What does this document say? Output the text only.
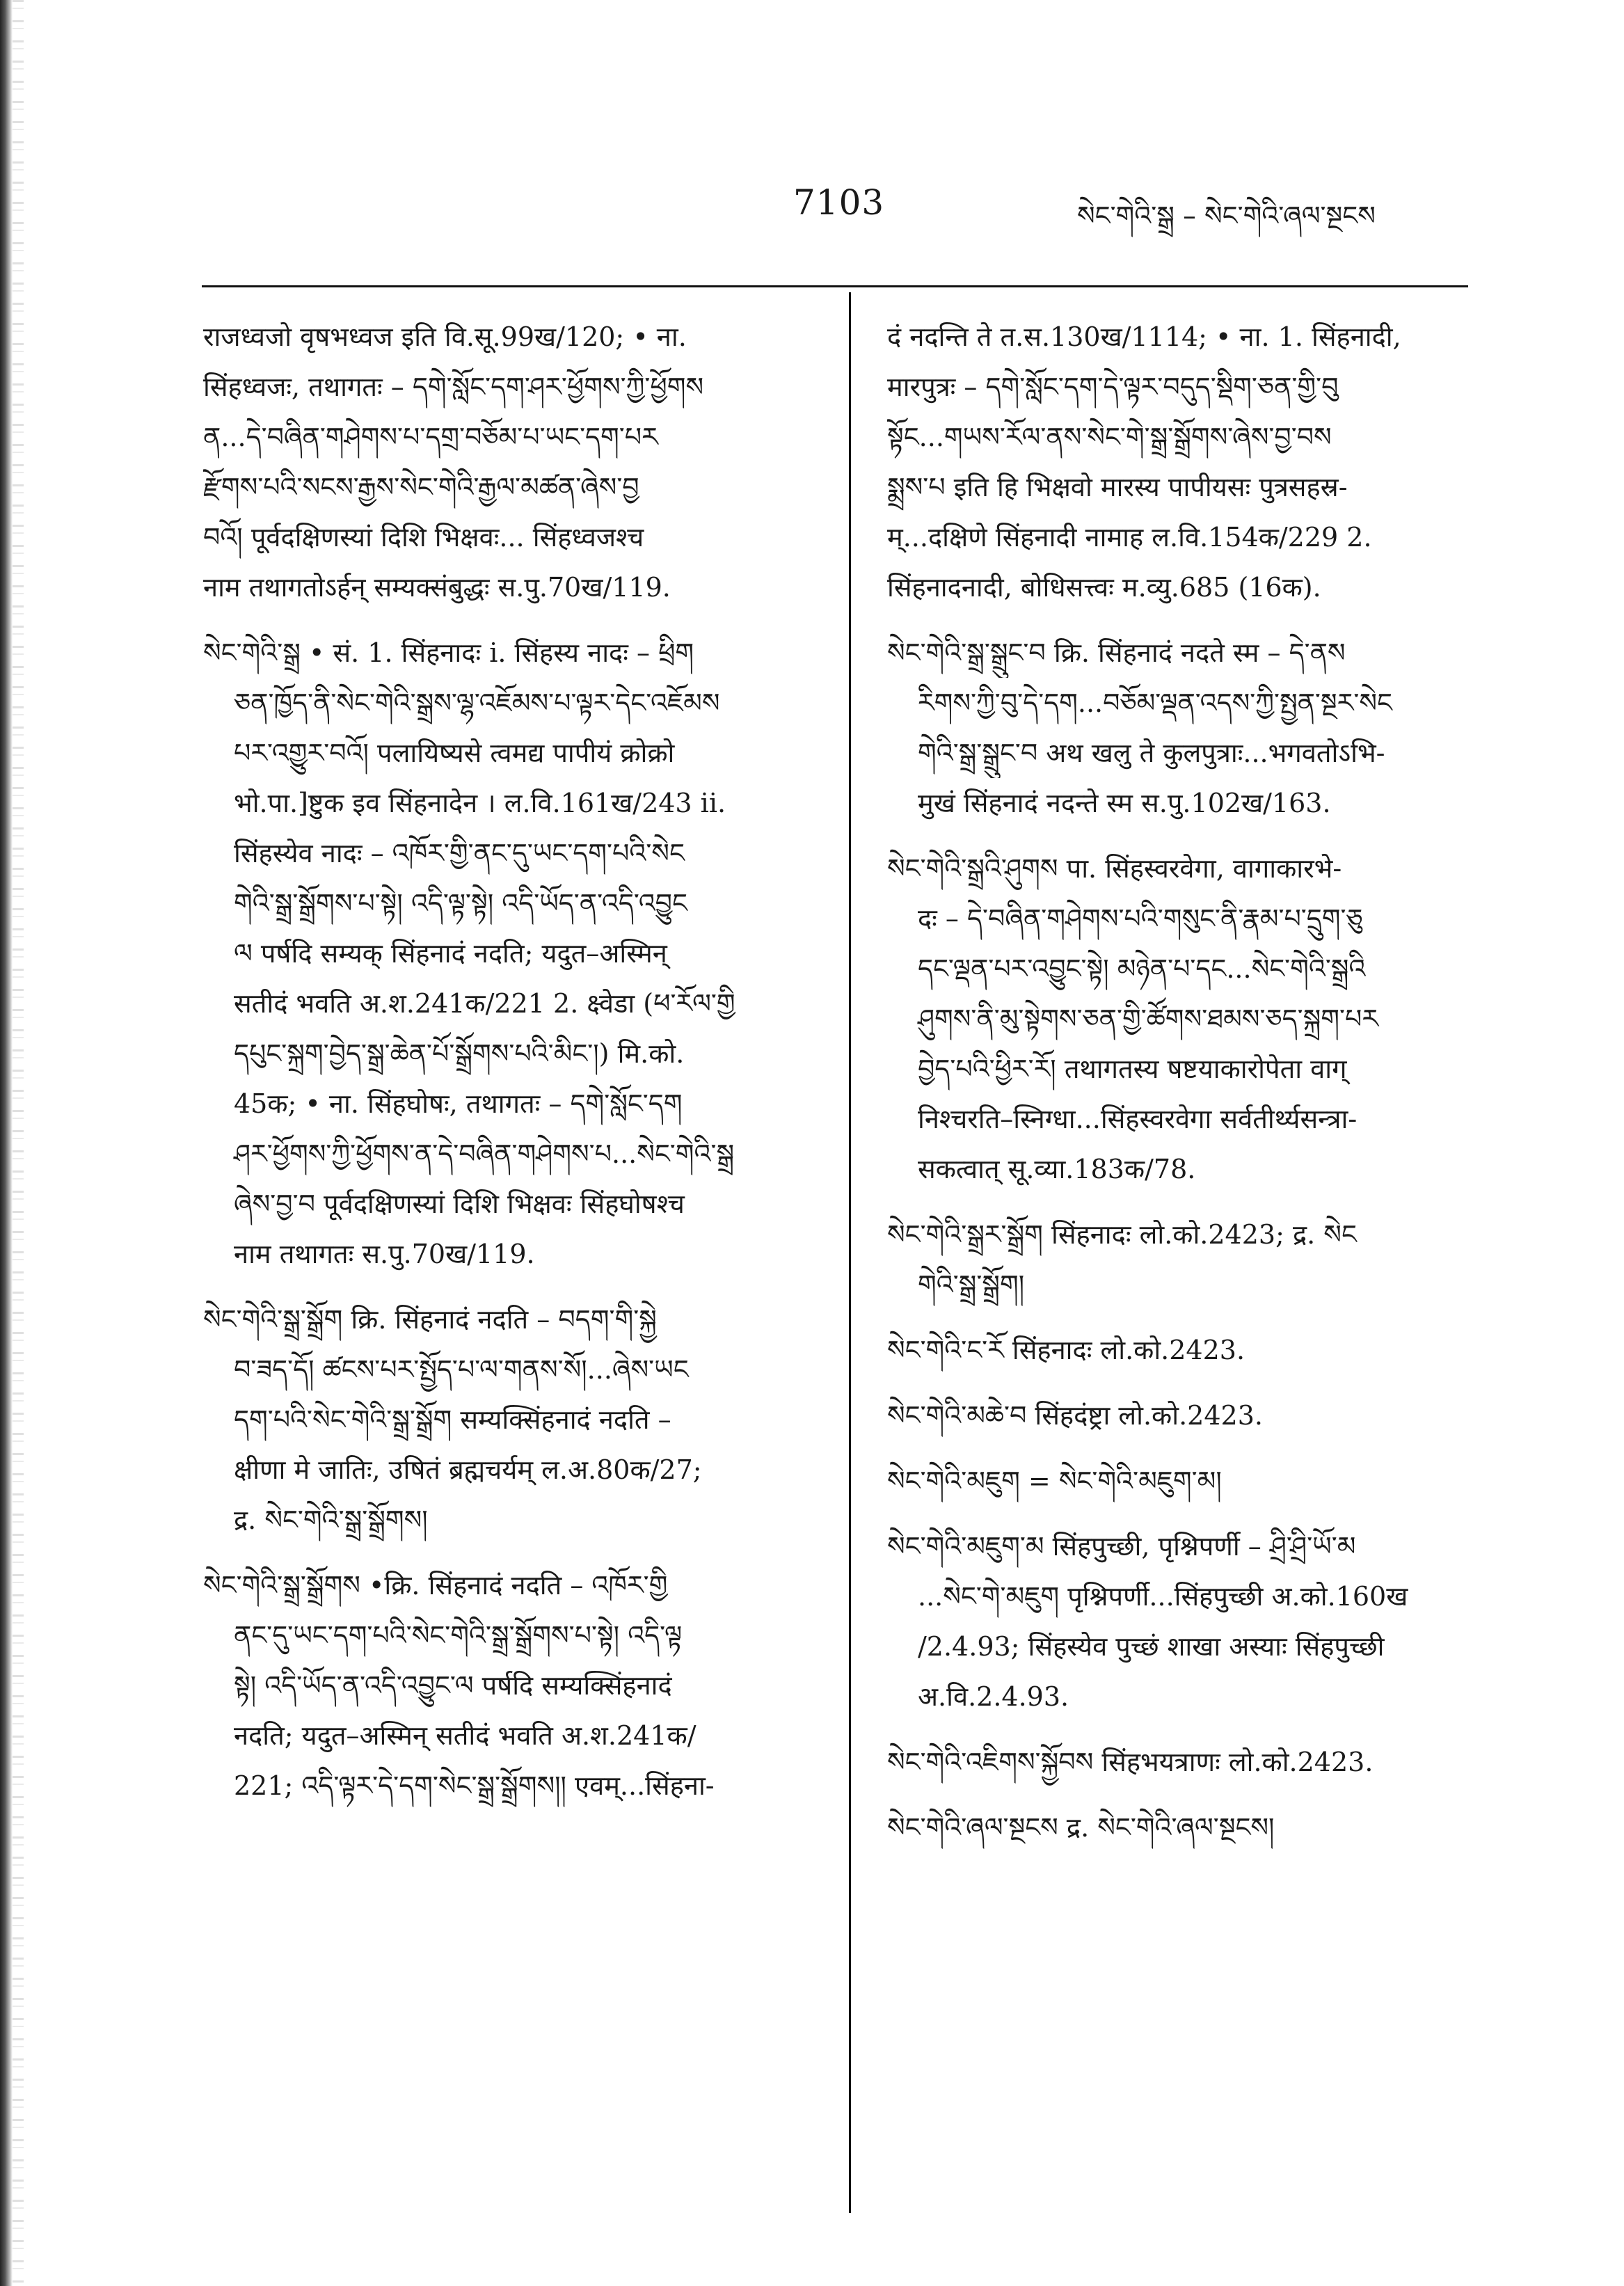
7103	སེང་གེའི་སྒྲ – སེང་གེའི་ཞལ་སྔངས
राजध्वजो वृषभध्वज इति वि.सू.99ख/120; • ना.
सिंहध्वजः, तथागतः – དགེ་སློང་དག་ཤར་ཕྱོགས་ཀྱི་ཕྱོགས
ན...དེ་བཞིན་གཤེགས་པ་དགྲ་བཅོམ་པ་ཡང་དག་པར
རྫོགས་པའི་སངས་རྒྱས་སེང་གེའི་རྒྱལ་མཚན་ཞེས་བྱ
བའོ། पूर्वदक्षिणस्यां दिशि भिक्षवः... सिंहध्वजश्च
नाम तथागतोऽर्हन् सम्यक्संबुद्धः स.पु.70ख/119.
སེང་གེའི་སྒྲ • सं. 1. सिंहनादः i. सिंहस्य नादः – ཕྲིག
ཅན་ཁྱོད་ནི་སེང་གེའི་སྒྲས་ལྷ་འཇོམས་པ་ལྟར་དེང་འཇོམས
པར་འགྱུར་བའོ། पलायिष्यसे त्वमद्य पापीयं क्रोक्रो
भो.पा.]ष्टुक इव सिंहनादेन । ल.वि.161ख/243 ii.
सिंहस्येव नादः – འཁོར་གྱི་ནང་དུ་ཡང་དག་པའི་སེང
གེའི་སྒྲ་སྒྲོགས་པ་སྟེ། འདི་ལྟ་སྟེ། འདི་ཡོད་ན་འདི་འབྱུང
ལ पर्षदि सम्यक् सिंहनादं नदति; यदुत–अस्मिन्
सतीदं भवति अ.श.241क/221 2. क्ष्वेडा (ཕ་རོལ་གྱི
དཔུང་སྐྲག་བྱེད་སྒྲ་ཆེན་པོ་སྒྲོགས་པའི་མིང་།) मि.को.
45क; • ना. सिंहघोषः, तथागतः – དགེ་སློང་དག
ཤར་ཕྱོགས་ཀྱི་ཕྱོགས་ན་དེ་བཞིན་གཤེགས་པ...སེང་གེའི་སྒྲ
ཞེས་བྱ་བ पूर्वदक्षिणस्यां दिशि भिक्षवः सिंहघोषश्च
नाम तथागतः स.पु.70ख/119.
སེང་གེའི་སྒྲ་སྒྲོག क्रि. सिंहनादं नदति – བདག་གི་སྐྱེ
བ་ཟད་དོ། ཚངས་པར་སྤྱོད་པ་ལ་གནས་སོ།...ཞེས་ཡང
དག་པའི་སེང་གེའི་སྒྲ་སྒྲོག सम्यक्सिंहनादं नदति –
क्षीणा मे जातिः, उषितं ब्रह्मचर्यम् ल.अ.80क/27;
द्र. སེང་གེའི་སྒྲ་སྒྲོགས།
སེང་གེའི་སྒྲ་སྒྲོགས •क्रि. सिंहनादं नदति – འཁོར་གྱི
ནང་དུ་ཡང་དག་པའི་སེང་གེའི་སྒྲ་སྒྲོགས་པ་སྟེ། འདི་ལྟ
སྟེ། འདི་ཡོད་ན་འདི་འབྱུང་ལ पर्षदि सम्यक्सिंहनादं
नदति; यदुत–अस्मिन् सतीदं भवति अ.श.241क/
221; འདི་ལྟར་དེ་དག་སེང་སྒྲ་སྒྲོགས།། एवम्...सिंहना-
दं नदन्ति ते त.स.130ख/1114; • ना. 1. सिंहनादी,
मारपुत्रः – དགེ་སློང་དག་དེ་ལྟར་བདུད་སྡིག་ཅན་གྱི་བུ
སྟོང...གཡས་རོལ་ནས་སེང་གེ་སྒྲ་སྒྲོགས་ཞེས་བྱ་བས
སྨྲས་པ इति हि भिक्षवो मारस्य पापीयसः पुत्रसहस्र-
म्...दक्षिणे सिंहनादी नामाह ल.वि.154क/229 2.
सिंहनादनादी, बोधिसत्त्वः म.व्यु.685 (16क).
སེང་གེའི་སྒྲ་སྒྲུང་བ क्रि. सिंहनादं नदते स्म – དེ་ནས
རིགས་ཀྱི་བུ་དེ་དག...བཅོམ་ལྡན་འདས་ཀྱི་སྤྱན་སྔར་སེང
གེའི་སྒྲ་སྒྲུང་བ अथ खलु ते कुलपुत्राः...भगवतोऽभि-
मुखं सिंहनादं नदन्ते स्म स.पु.102ख/163.
སེང་གེའི་སྒྲའི་ཤུགས पा. सिंहस्वरवेगा, वागाकारभे-
दः – དེ་བཞིན་གཤེགས་པའི་གསུང་ནི་རྣམ་པ་དྲུག་ཅུ
དང་ལྡན་པར་འབྱུང་སྟེ། མཉེན་པ་དང...སེང་གེའི་སྒྲའི
ཤུགས་ནི་མུ་སྟེགས་ཅན་གྱི་ཚོགས་ཐམས་ཅད་སྐྲག་པར
བྱེད་པའི་ཕྱིར་རོ། तथागतस्य षष्टयाकारोपेता वाग्
निश्चरति–स्निग्धा...सिंहस्वरवेगा सर्वतीर्थ्यसन्त्रा-
सकत्वात् सू.व्या.183क/78.
སེང་གེའི་སྒྲར་སྒྲོག सिंहनादः लो.को.2423; द्र. སེང
གེའི་སྒྲ་སྒྲོག།
སེང་གེའི་ང་རོ सिंहनादः लो.को.2423.
སེང་གེའི་མཆེ་བ सिंहदंष्ट्रा लो.को.2423.
སེང་གེའི་མཇུག = སེང་གེའི་མཇུག་མ།
སེང་གེའི་མཇུག་མ सिंहपुच्छी, पृश्निपर्णी – ཤྲི་ཤྲི་ཡོ་མ
...སེང་གེ་མཇུག पृश्निपर्णी...सिंहपुच्छी अ.को.160ख
/2.4.93; सिंहस्येव पुच्छं शाखा अस्याः सिंहपुच्छी
अ.वि.2.4.93.
སེང་གེའི་འཇིགས་སྐྱོབས सिंहभयत्राणः लो.को.2423.
སེང་གེའི་ཞལ་སྔངས द्र. སེང་གེའི་ཞལ་སྔངས།
